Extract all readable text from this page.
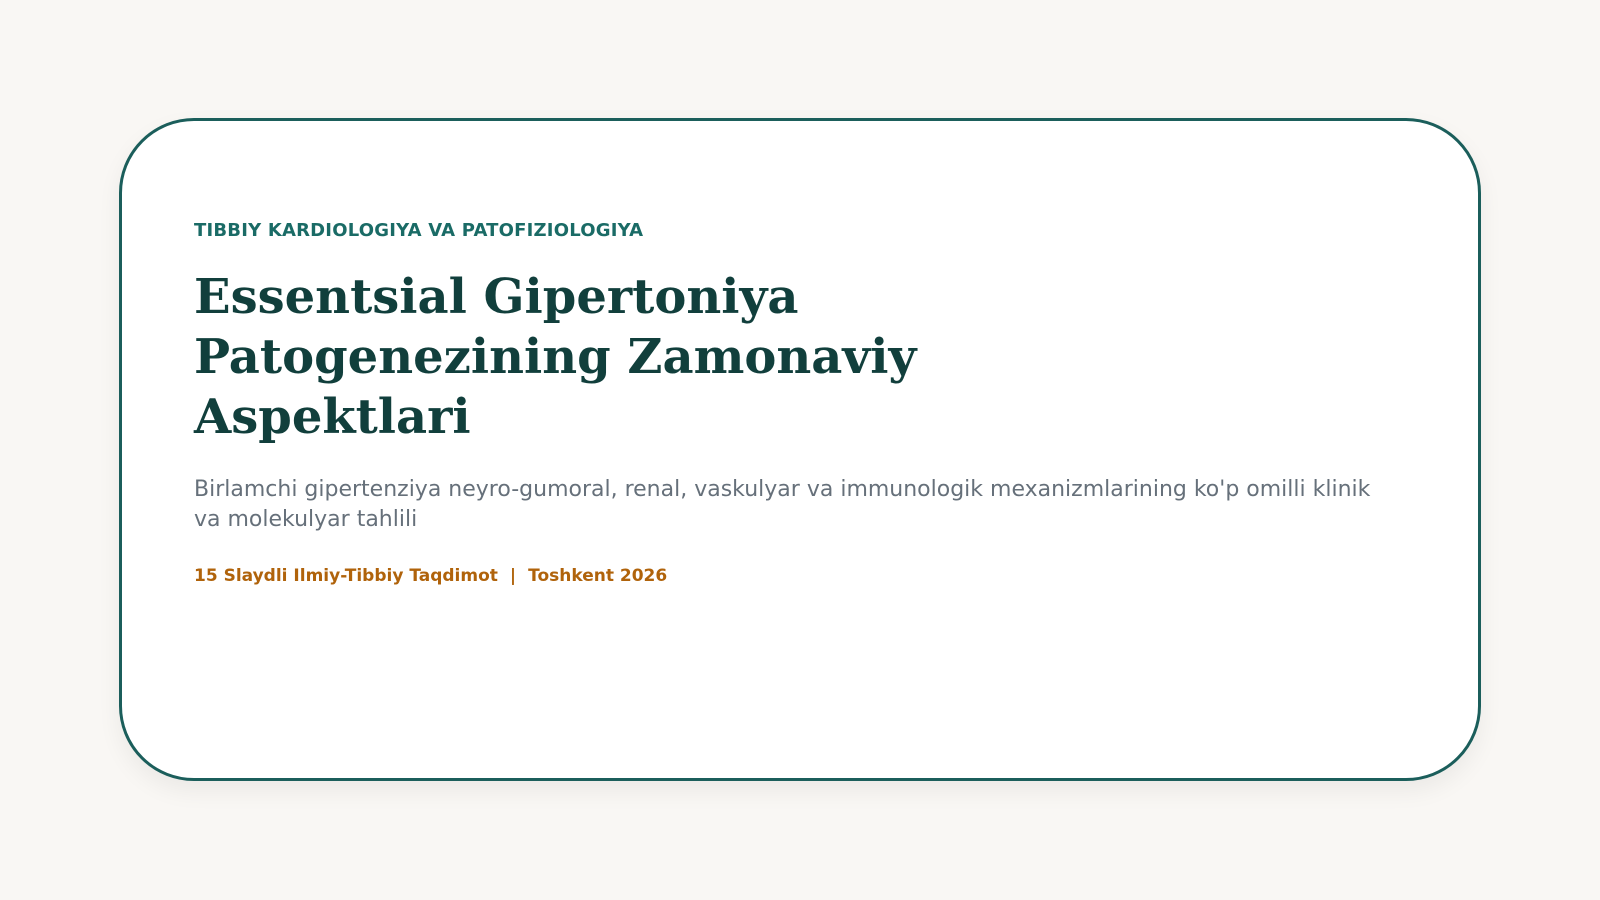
TIBBIY KARDIOLOGIYA VA PATOFIZIOLOGIYA
Essentsial Gipertoniya Patogenezining Zamonaviy Aspektlari
Birlamchi gipertenziya neyro-gumoral, renal, vaskulyar va immunologik mexanizmlarining ko'p omilli klinik va molekulyar tahlili
15 Slaydli Ilmiy-Tibbiy Taqdimot | Toshkent 2026
